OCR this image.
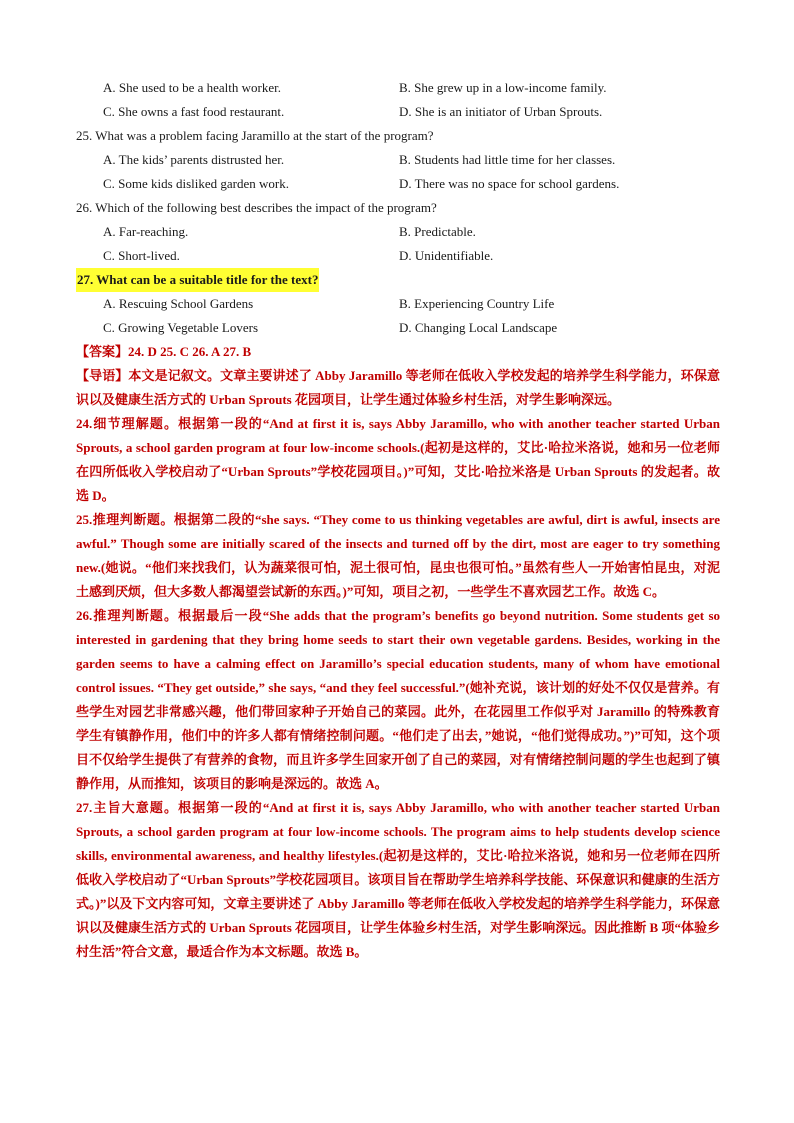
A. She used to be a health worker.	B. She grew up in a low-income family.
C. She owns a fast food restaurant.	D. She is an initiator of Urban Sprouts.
25. What was a problem facing Jaramillo at the start of the program?
A. The kids’ parents distrusted her.	B. Students had little time for her classes.
C. Some kids disliked garden work.	D. There was no space for school gardens.
26. Which of the following best describes the impact of the program?
A. Far-reaching.	B. Predictable.
C. Short-lived.	D. Unidentifiable.
27. What can be a suitable title for the text?
A. Rescuing School Gardens	B. Experiencing Country Life
C. Growing Vegetable Lovers	D. Changing Local Landscape

【答案】24. D 25. C 26. A 27. B

【导语】本文是记叙文。文章主要讲述了 Abby Jaramillo 等老师在低收入学校发起的培养学生科学能力，环保意识以及健康生活方式的 Urban Sprouts 花园项目，让学生通过体验乡村生活，对学生影响深远。

24.细节理解题。根据第一段的“And at first it is, says Abby Jaramillo, who with another teacher started Urban Sprouts, a school garden program at four low-income schools.(起初是这样的，艾比·哈拉米洛说，她和另一位老师在四所低收入学校启动了“Urban Sprouts”学校花园项目。)”可知，艾比·哈拉米洛是 Urban Sprouts 的发起者。故选 D。

25.推理判断题。根据第二段的“she says. “They come to us thinking vegetables are awful, dirt is awful, insects are awful.” Though some are initially scared of the insects and turned off by the dirt, most are eager to try something new.(她说。“他们来找我们，认为蔬菜很可怕，泥土很可怕，昆虫也很可怕。”虽然有些人一开始害怕昆虫，对泥土感到厌烦，但大多数人都渴望尝试新的东西。)”可知，项目之初，一些学生不喜欢园艺工作。故选 C。

26.推理判断题。根据最后一段“She adds that the program’s benefits go beyond nutrition. Some students get so interested in gardening that they bring home seeds to start their own vegetable gardens. Besides, working in the garden seems to have a calming effect on Jaramillo’s special education students, many of whom have emotional control issues. “They get outside,” she says, “and they feel successful.”(她补充说，该计划的好处不仅仅是营养。有些学生对园艺非常感兴趣，他们带回家种子开始自己的菜园。此外，在花园里工作似乎对 Jaramillo 的特殊教育学生有镇静作用，他们中的许多人都有情绪控制问题。“他们走了出去，”她说，“他们觉得成功。”)”可知，这个项目不仅给学生提供了有营养的食物，而且许多学生回家开创了自己的菜园，对有情绪控制问题的学生也起到了镇静作用，从而推知，该项目的影响是深远的。故选 A。

27.主旨大意题。根据第一段的“And at first it is, says Abby Jaramillo, who with another teacher started Urban Sprouts, a school garden program at four low-income schools. The program aims to help students develop science skills, environmental awareness, and healthy lifestyles.(起初是这样的，艾比·哈拉米洛说，她和另一位老师在四所低收入学校启动了“Urban Sprouts”学校花园项目。该项目旨在帮助学生培养科学技能、环保意识和健康的生活方式。)”以及下文内容可知，文章主要讲述了 Abby Jaramillo 等老师在低收入学校发起的培养学生科学能力，环保意识以及健康生活方式的 Urban Sprouts 花园项目，让学生体验乡村生活，对学生影响深远。因此推断 B 项“体验乡村生活”符合文意，最适合作为本文标题。故选 B。
